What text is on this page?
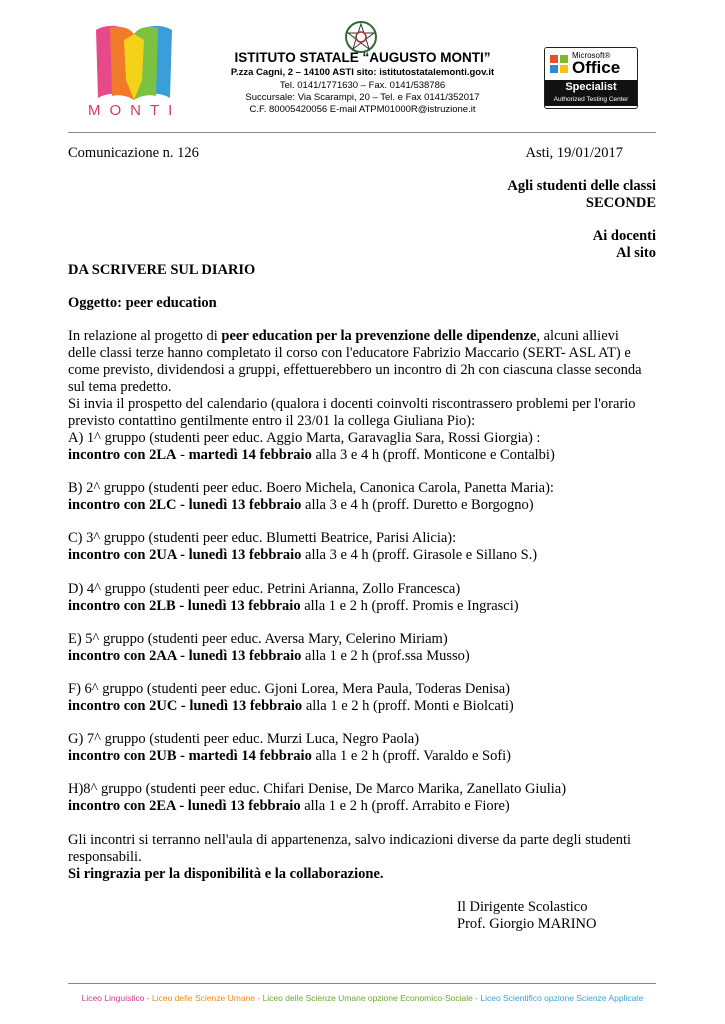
MONTI
ISTITUTO STATALE “AUGUSTO MONTI”
P.zza Cagni, 2 – 14100 ASTI sito: istitutostatalemonti.gov.it
Tel. 0141/1771630 – Fax. 0141/538786
Succursale: Via Scarampi, 20 – Tel. e Fax 0141/352017
C.F. 80005420056 E-mail ATPM01000R@istruzione.it
Microsoft®
Office
Specialist
Authorized Testing Center
Comunicazione n. 126	Asti, 19/01/2017
Agli studenti delle classi
SECONDE
Ai docenti
Al sito
DA SCRIVERE SUL DIARIO
Oggetto: peer education
In relazione al progetto di peer education per la prevenzione delle dipendenze, alcuni allievi
delle classi terze hanno completato il corso con l'educatore Fabrizio Maccario (SERT- ASL AT) e
come previsto, dividendosi a gruppi, effettuerebbero un incontro di 2h con ciascuna classe seconda
sul tema predetto.
Si invia il prospetto del calendario (qualora i docenti coinvolti riscontrassero problemi per l'orario
previsto contattino gentilmente entro il 23/01 la collega Giuliana Pio):
A) 1^ gruppo (studenti peer educ. Aggio Marta, Garavaglia Sara, Rossi Giorgia) :
incontro con 2LA - martedì 14 febbraio alla 3 e 4 h (proff. Monticone e Contalbi)
B) 2^ gruppo (studenti peer educ. Boero Michela, Canonica Carola, Panetta Maria):
incontro con 2LC - lunedì 13 febbraio alla 3 e 4 h (proff. Duretto e Borgogno)
C) 3^ gruppo (studenti peer educ. Blumetti Beatrice, Parisi Alicia):
incontro con 2UA - lunedì 13 febbraio alla 3 e 4 h (proff. Girasole e Sillano S.)
D) 4^ gruppo (studenti peer educ. Petrini Arianna, Zollo Francesca)
incontro con 2LB - lunedì 13 febbraio alla 1 e 2 h (proff. Promis e Ingrasci)
E) 5^ gruppo (studenti peer educ. Aversa Mary, Celerino Miriam)
incontro con 2AA - lunedì 13 febbraio alla 1 e 2 h (prof.ssa Musso)
F) 6^ gruppo (studenti peer educ. Gjoni Lorea, Mera Paula, Toderas Denisa)
incontro con 2UC - lunedì 13 febbraio alla 1 e 2 h (proff. Monti e Biolcati)
G) 7^ gruppo (studenti peer educ. Murzi Luca, Negro Paola)
incontro con 2UB - martedì 14 febbraio alla 1 e 2 h (proff. Varaldo e Sofi)
H)8^ gruppo (studenti peer educ. Chifari Denise, De Marco Marika, Zanellato Giulia)
incontro con 2EA - lunedì 13 febbraio alla 1 e 2 h (proff. Arrabito e Fiore)
Gli incontri si terranno nell'aula di appartenenza, salvo indicazioni diverse da parte degli studenti
responsabili.
Si ringrazia per la disponibilità e la collaborazione.
Il Dirigente Scolastico
Prof. Giorgio MARINO
Liceo Linguistico - Liceo delle Scienze Umane - Liceo delle Scienze Umane opzione Economico-Sociale - Liceo Scientifico opzione Scienze Applicate
